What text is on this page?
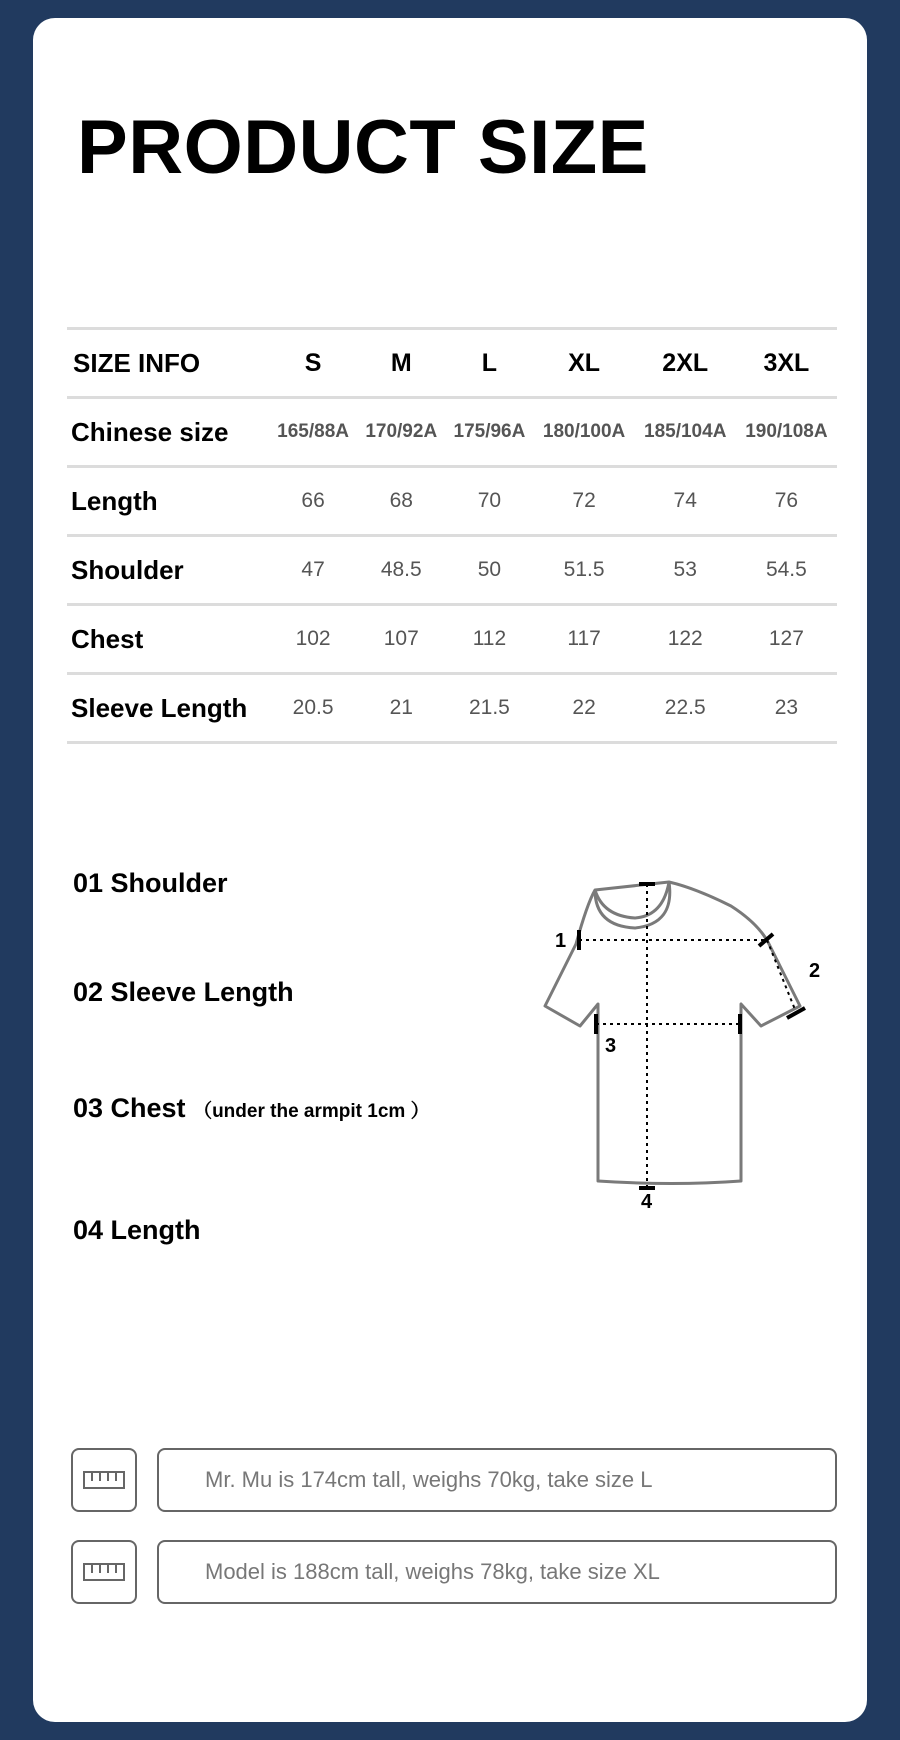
PRODUCT SIZE
SIZE INFO	S	M	L	XL	2XL	3XL
Chinese size	165/88A	170/92A	175/96A	180/100A	185/104A	190/108A
Length	66	68	70	72	74	76
Shoulder	47	48.5	50	51.5	53	54.5
Chest	102	107	112	117	122	127
Sleeve Length	20.5	21	21.5	22	22.5	23
01 Shoulder
02 Sleeve Length
03 Chest （under the armpit 1cm ）
04 Length
1
2
3
4
Mr. Mu is 174cm tall, weighs 70kg, take size L
Model is 188cm tall, weighs 78kg, take size XL
